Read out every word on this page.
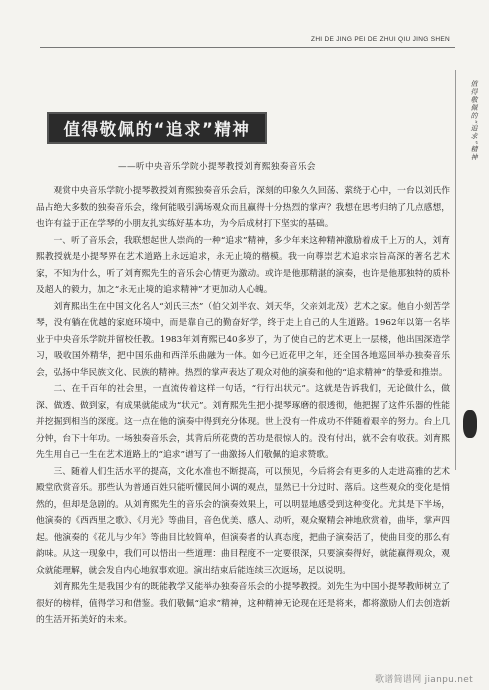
ZHI DE JING PEI DE ZHUI QIU JING SHEN
值得敬佩的“追求”精神
值得敬佩的“追求”精神
——听中央音乐学院小提琴教授刘育熙独奏音乐会

观赏中央音乐学院小提琴教授刘育熙独奏音乐会后，深刻的印象久久回荡、萦绕于心中，一台以刘氏作品占绝大多数的独奏音乐会，缘何能吸引满场观众而且赢得十分热烈的掌声？我想在思考归纳了几点感想，也许有益于正在学琴的小朋友扎实练好基本功，为今后成材打下坚实的基础。

一、听了音乐会，我联想起世人崇尚的一种“追求”精神，多少年来这种精神激励着成千上万的人，刘育熙教授就是小提琴界在艺术道路上永远追求，永无止境的楷模。我一向尊崇艺术追求宗旨高深的著名艺术家，不知为什么，听了刘育熙先生的音乐会心情更为激动。或许是他那精湛的演奏，也许是他那独特的质朴及超人的毅力，加之“永无止境的追求精神”才更加动人心魄。

刘育熙出生在中国文化名人“刘氏三杰”（伯父刘半农、刘天华，父亲刘北茂）艺术之家。他自小刻苦学琴，没有躺在优越的家庭环境中，而是靠自己的勤奋好学，终于走上自己的人生道路。1962年以第一名毕业于中央音乐学院并留校任教。1983年刘育熙已40多岁了，为了使自己的艺术更上一层楼，他出国深造学习，吸收国外精华，把中国乐曲和西洋乐曲融为一体。如今已近花甲之年，还全国各地巡回举办独奏音乐会，弘扬中华民族文化、民族的精神。热烈的掌声表达了观众对他的演奏和他的“追求精神”的挚爱和推崇。

二、在千百年的社会里，一直流传着这样一句话，“行行出状元”。这就是告诉我们，无论做什么，做深、做透、做到家，有成果就能成为“状元”。刘育熙先生把小提琴琢磨的很透彻，他把握了这件乐器的性能并挖掘到相当的深度。这一点在他的演奏中得到充分体现。世上没有一件成功不伴随着艰辛的努力。台上几分钟，台下十年功。一场独奏音乐会，其背后所花费的苦功是很惊人的。没有付出，就不会有收获。刘育熙先生用自己一生在艺术道路上的“追求”谱写了一曲激扬人们敬佩的追求赞歌。

三、随着人们生活水平的提高，文化水准也不断提高，可以预见，今后将会有更多的人走进高雅的艺术殿堂欣赏音乐。那些认为普通百姓只能听懂民间小调的观点，显然已十分过时、落后。这些观众的变化是悄然的，但却是急剧的。从刘育熙先生的音乐会的演奏效果上，可以明显地感受到这种变化。尤其是下半场，他演奏的《西西里之歌》、《月光》等曲目，音色优美、感人、动听，观众聚精会神地欣赏着，曲毕，掌声四起。他演奏的《花儿与少年》等曲目比较简单，但演奏者的认真态度，把曲子演奏活了，使曲目变的那么有韵味。从这一现象中，我们可以悟出一些道理：曲目程度不一定要很深，只要演奏得好，就能赢得观众，观众就能理解，就会发自内心地叙事欢迎。演出结束后能连续三次返场，足以说明。

刘育熙先生是我国少有的既能教学又能举办独奏音乐会的小提琴教授。刘先生为中国小提琴教师树立了很好的榜样，值得学习和借鉴。我们敬佩“追求”精神，这种精神无论现在还是将来，都将激励人们去创造新的生活开拓美好的未来。

歌谱简谱网 jianpu.net
